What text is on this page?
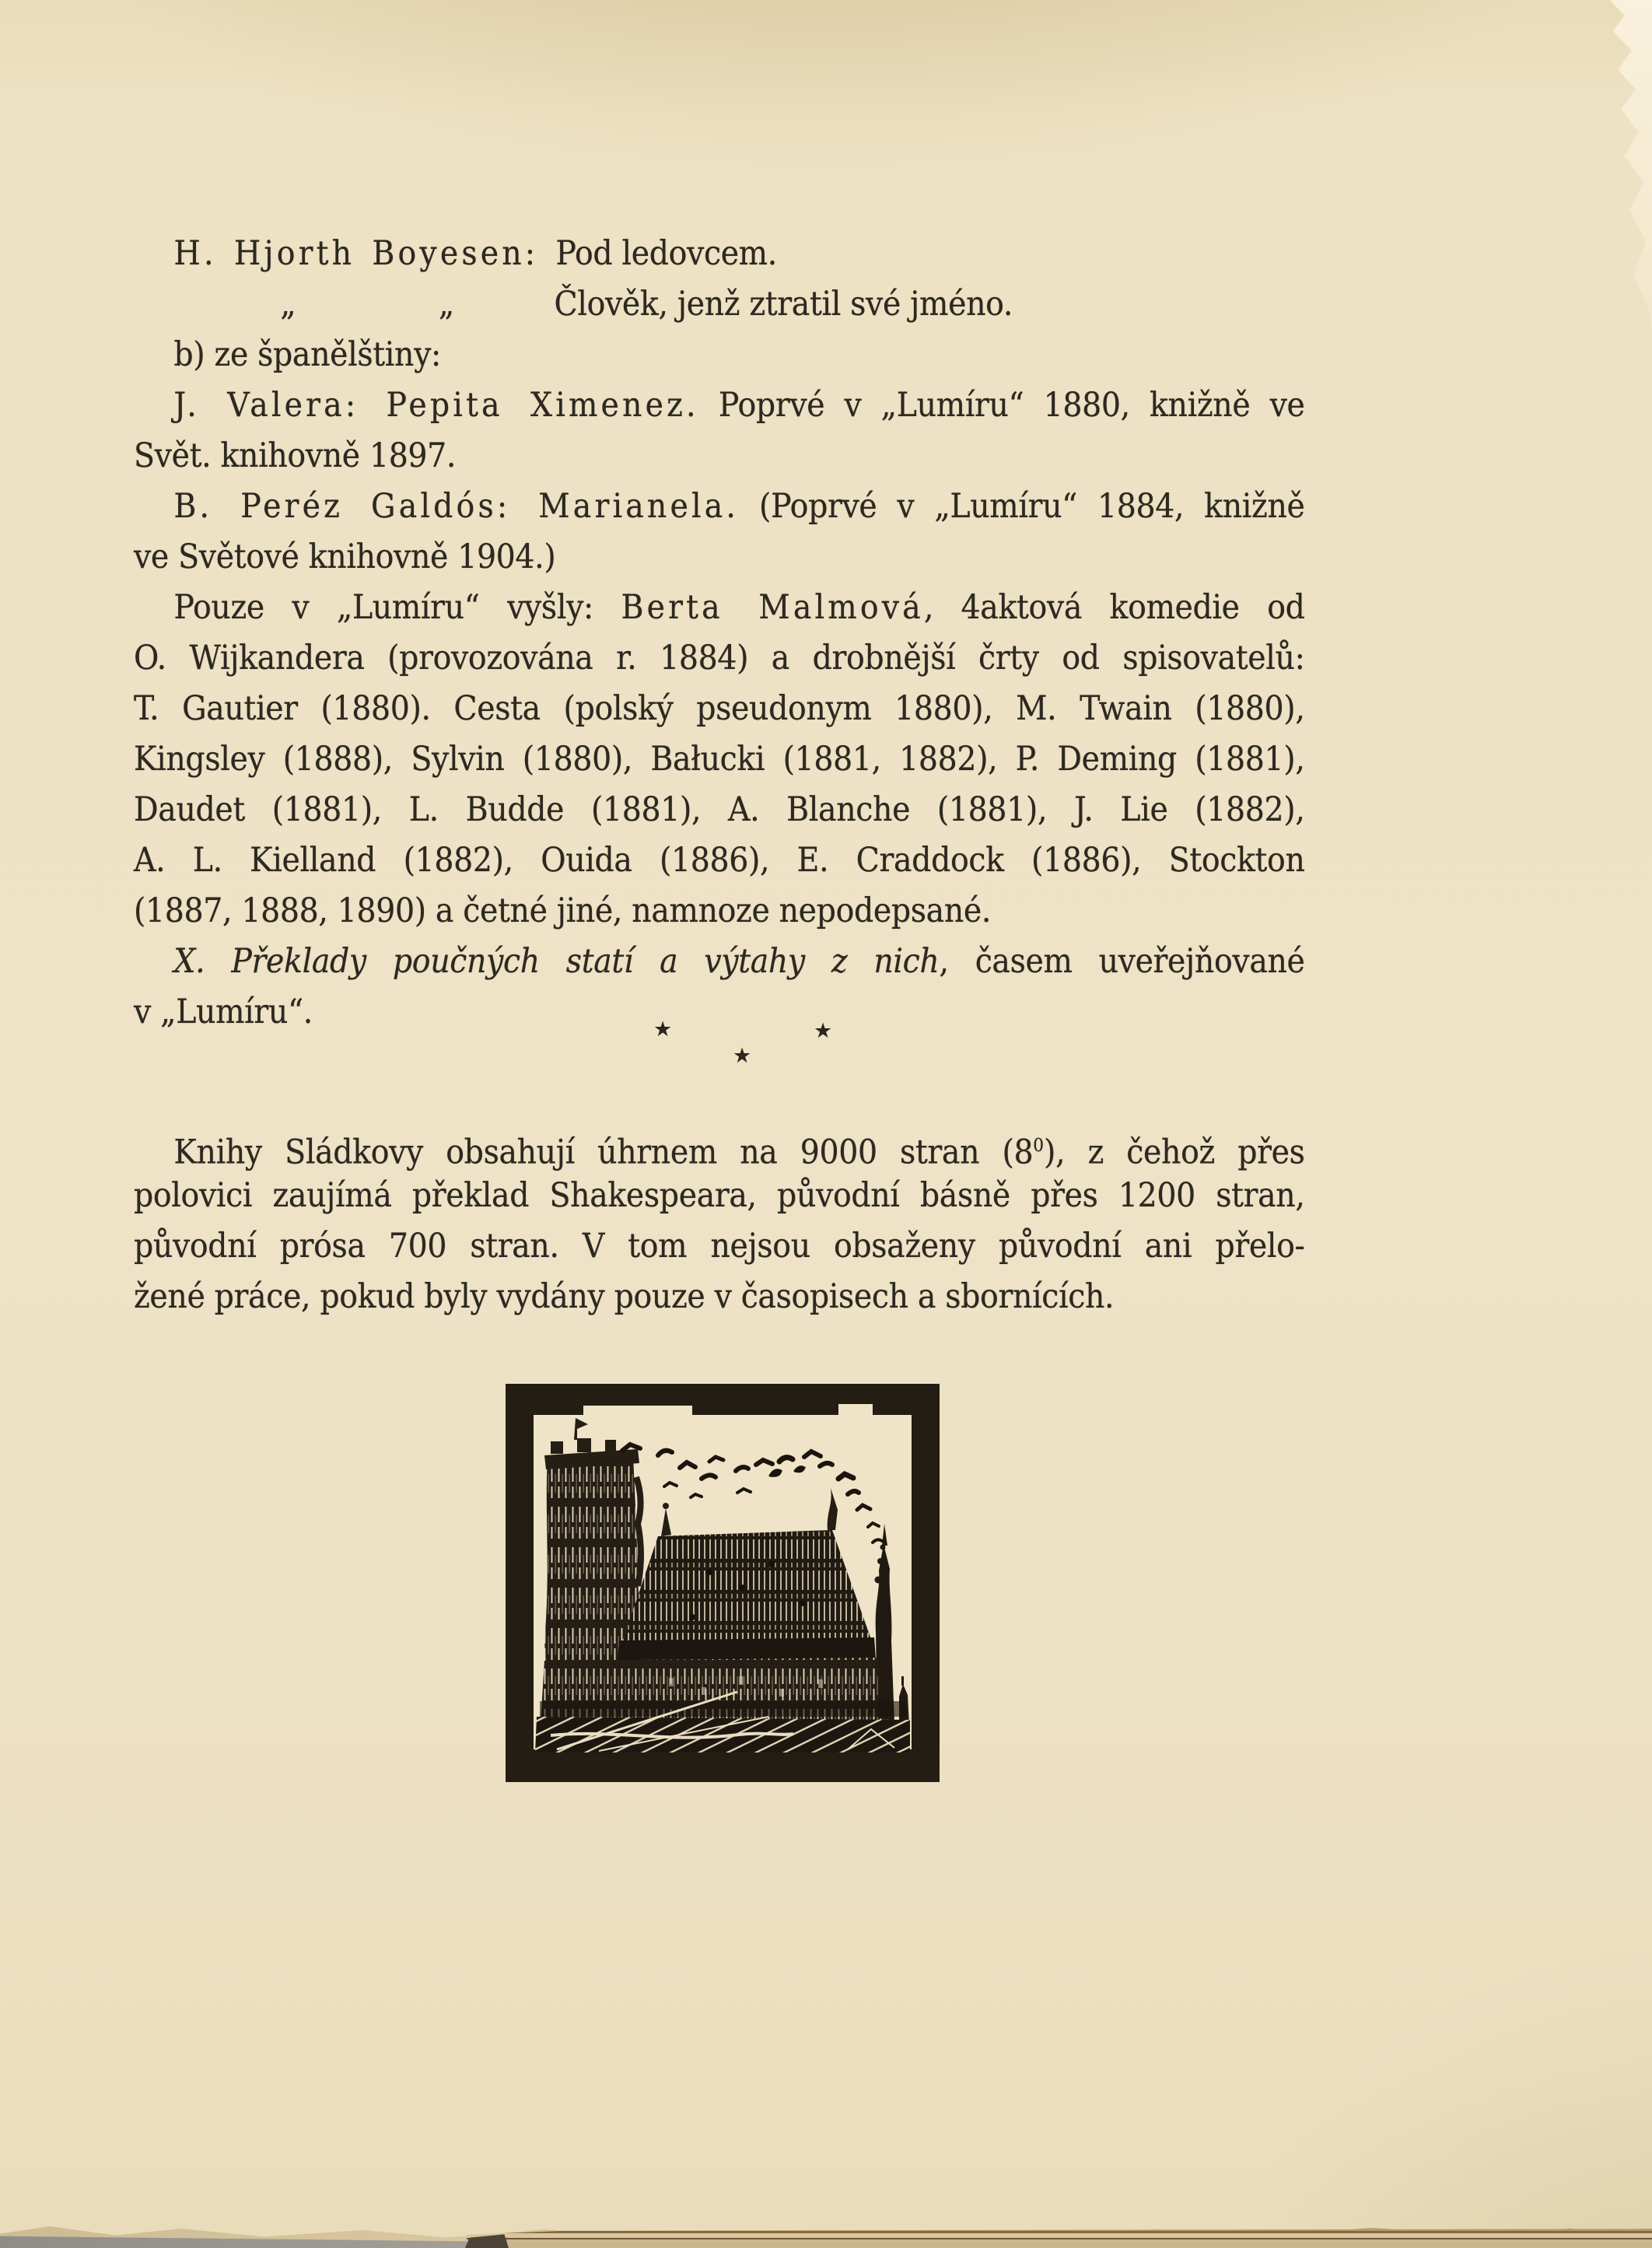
H. Hjorth Boyesen: Pod ledovcem.
„	„	Člověk, jenž ztratil své jméno.
b) ze španělštiny:
J. Valera: Pepita Ximenez. Poprvé v „Lumíru“ 1880, knižně ve
Svět. knihovně 1897.
B. Peréz Galdós: Marianela. (Poprvé v „Lumíru“ 1884, knižně
ve Světové knihovně 1904.)
Pouze v „Lumíru“ vyšly: Berta Malmová, 4aktová komedie od
O. Wijkandera (provozována r. 1884) a drobnější črty od spisovatelů:
T. Gautier (1880). Cesta (polský pseudonym 1880), M. Twain (1880),
Kingsley (1888), Sylvin (1880), Bałucki (1881, 1882), P. Deming (1881),
Daudet (1881), L. Budde (1881), A. Blanche (1881), J. Lie (1882),
A. L. Kielland (1882), Ouida (1886), E. Craddock (1886), Stockton
(1887, 1888, 1890) a četné jiné, namnoze nepodepsané.
X. Překlady poučných statí a výtahy z nich, časem uveřejňované
v „Lumíru“.	★	★
★
Knihy Sládkovy obsahují úhrnem na 9000 stran $(8^0)$, z čehož přes
polovici zaujímá překlad Shakespeara, původní básně přes 1200 stran,
původní prósa 700 stran. V tom nejsou obsaženy původní ani přelo-
žené práce, pokud byly vydány pouze v časopisech a sbornících.
